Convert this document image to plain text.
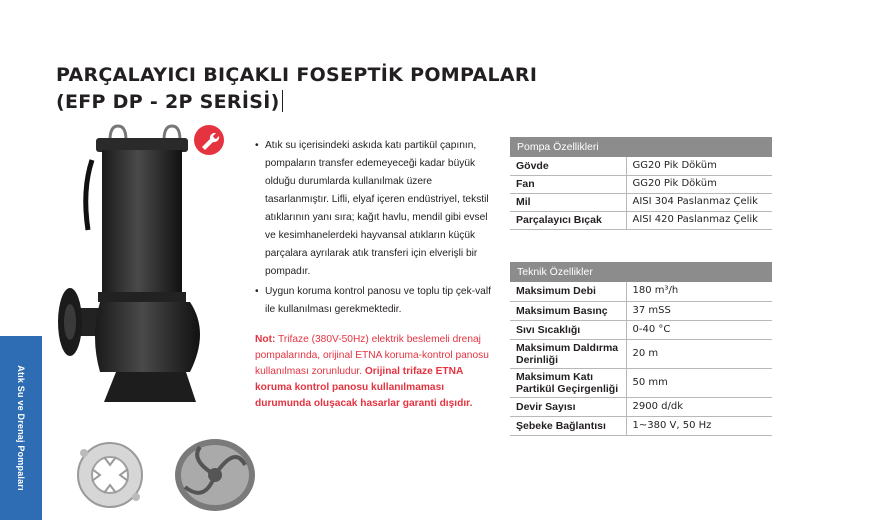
PARÇALAYICI BIÇAKLI FOSEPTİK POMPALARI
(EFP DP - 2P SERİSİ)
Atık Su ve Drenaj Pompaları
• Atık su içerisindeki askıda katı partikül çapının, pompaların transfer edemeyeceği kadar büyük olduğu durumlarda kullanılmak üzere tasarlanmıştır. Lifli, elyaf içeren endüstriyel, tekstil atıklarının yanı sıra; kağıt havlu, mendil gibi evsel ve kesimhanelerdeki hayvansal atıkların küçük parçalara ayrılarak atık transferi için elverişli bir pompadır.
• Uygun koruma kontrol panosu ve toplu tip çek-valf ile kullanılması gerekmektedir.
Not: Trifaze (380V-50Hz) elektrik beslemeli drenaj pompalarında, orijinal ETNA koruma-kontrol panosu kullanılması zorunludur. Orijinal trifaze ETNA koruma kontrol panosu kullanılmaması durumunda oluşacak hasarlar garanti dışıdır.
Pompa Özellikleri	
Gövde	GG20 Pik Döküm
Fan	GG20 Pik Döküm
Mil	AISI 304 Paslanmaz Çelik
Parçalayıcı Bıçak	AISI 420 Paslanmaz Çelik
Teknik Özellikler	
Maksimum Debi	180 m³/h
Maksimum Basınç	37 mSS
Sıvı Sıcaklığı	0-40 °C
Maksimum Daldırma Derinliği	20 m
Maksimum Katı Partikül Geçirgenliği	50 mm
Devir Sayısı	2900 d/dk
Şebeke Bağlantısı	1~380 V, 50 Hz
